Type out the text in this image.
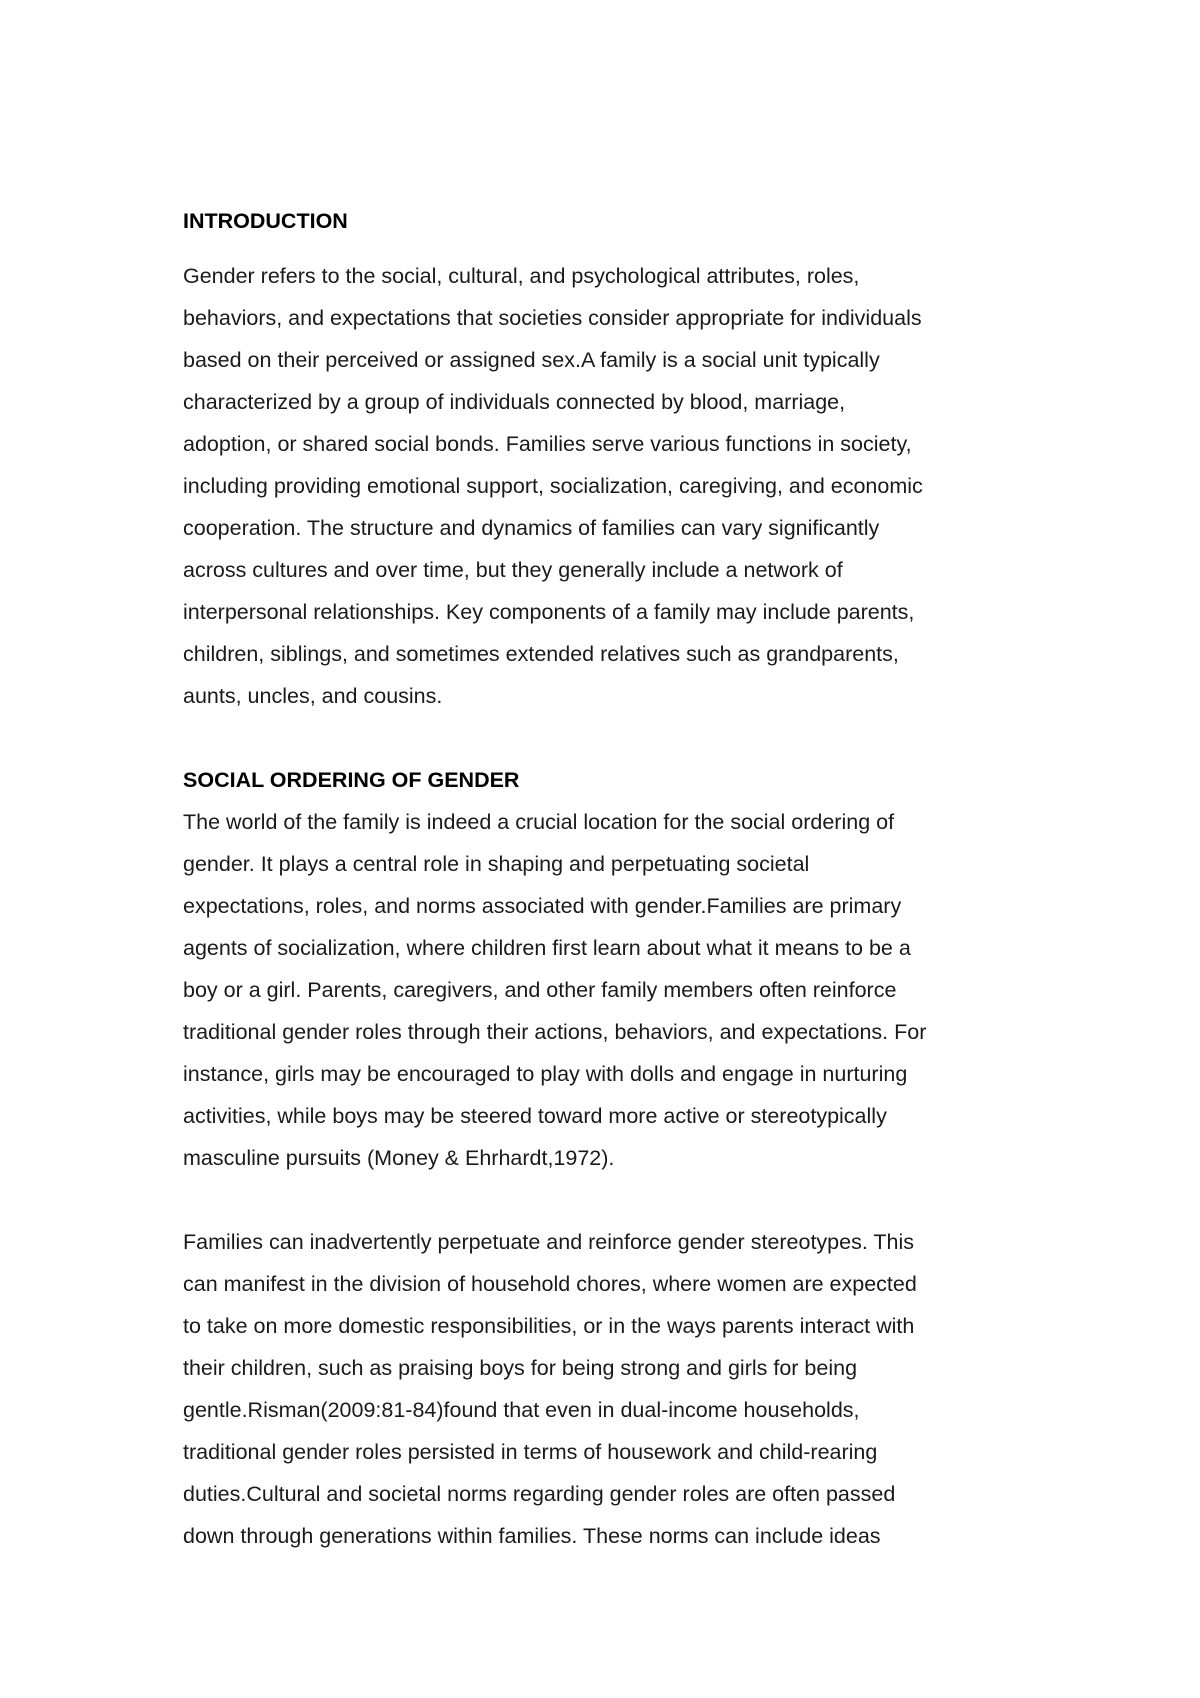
INTRODUCTION
Gender refers to the social, cultural, and psychological attributes, roles,
behaviors, and expectations that societies consider appropriate for individuals
based on their perceived or assigned sex.A family is a social unit typically
characterized by a group of individuals connected by blood, marriage,
adoption, or shared social bonds. Families serve various functions in society,
including providing emotional support, socialization, caregiving, and economic
cooperation. The structure and dynamics of families can vary significantly
across cultures and over time, but they generally include a network of
interpersonal relationships. Key components of a family may include parents,
children, siblings, and sometimes extended relatives such as grandparents,
aunts, uncles, and cousins.
SOCIAL ORDERING OF GENDER
The world of the family is indeed a crucial location for the social ordering of
gender. It plays a central role in shaping and perpetuating societal
expectations, roles, and norms associated with gender.Families are primary
agents of socialization, where children first learn about what it means to be a
boy or a girl. Parents, caregivers, and other family members often reinforce
traditional gender roles through their actions, behaviors, and expectations. For
instance, girls may be encouraged to play with dolls and engage in nurturing
activities, while boys may be steered toward more active or stereotypically
masculine pursuits (Money & Ehrhardt,1972).
Families can inadvertently perpetuate and reinforce gender stereotypes. This
can manifest in the division of household chores, where women are expected
to take on more domestic responsibilities, or in the ways parents interact with
their children, such as praising boys for being strong and girls for being
gentle.Risman(2009:81-84)found that even in dual-income households,
traditional gender roles persisted in terms of housework and child-rearing
duties.Cultural and societal norms regarding gender roles are often passed
down through generations within families. These norms can include ideas
